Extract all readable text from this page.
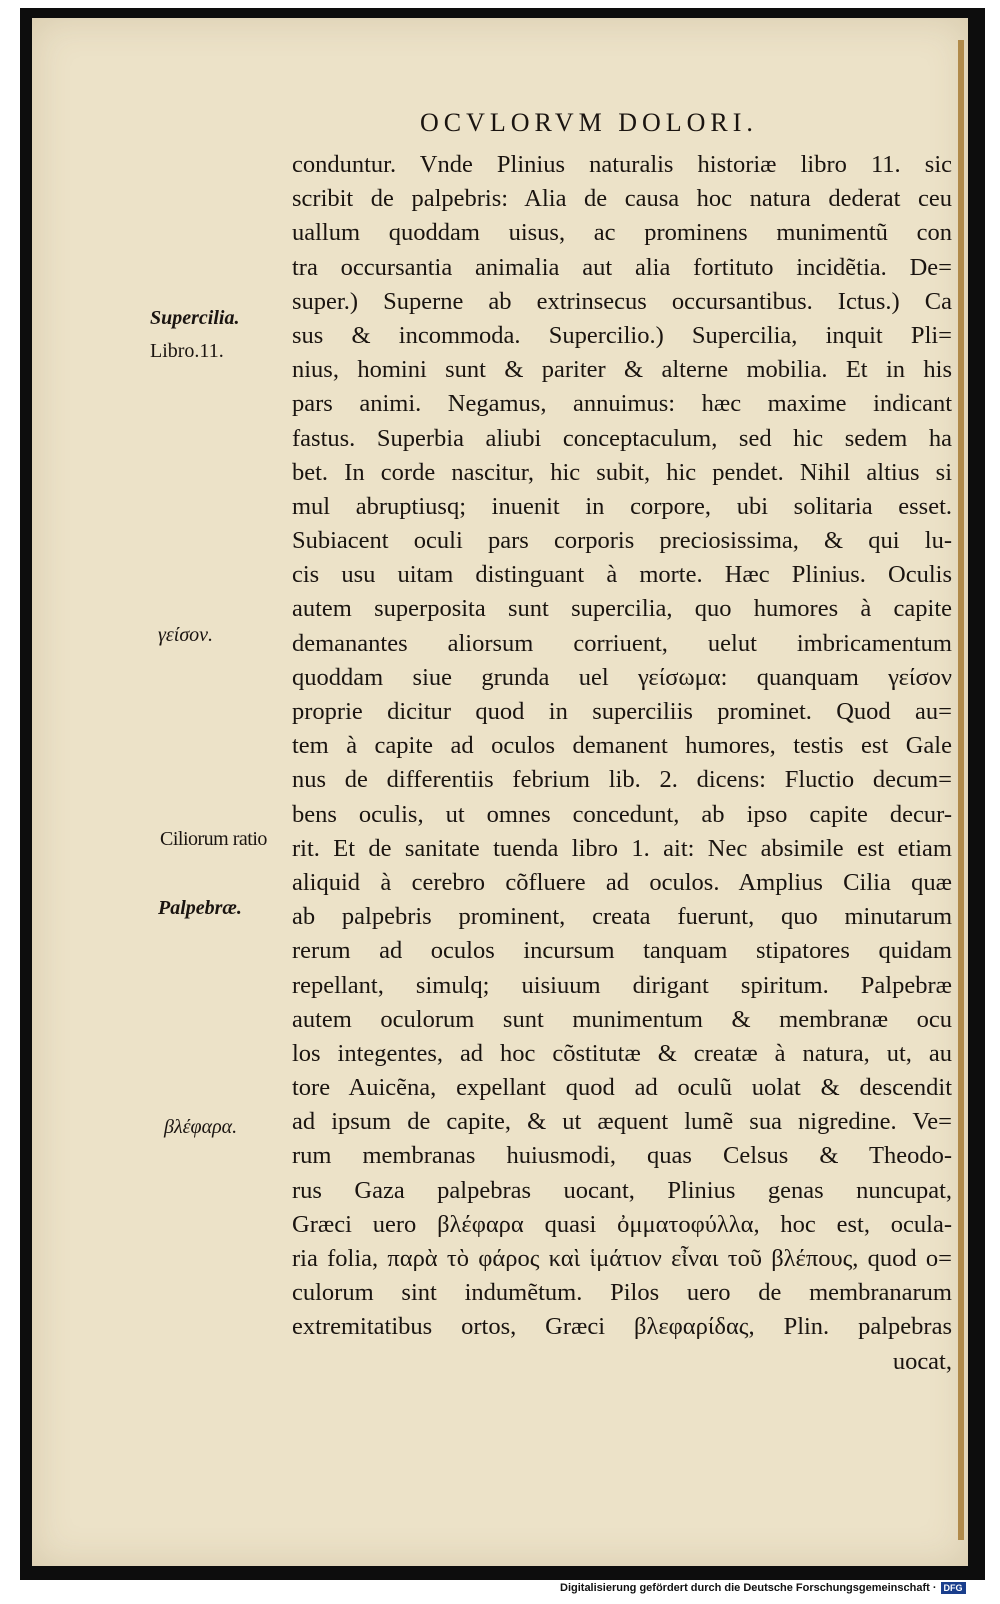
OCVLORVM DOLORI.
conduntur. Vnde Plinius naturalis historiæ libro 11. sic
scribit de palpebris: Alia de causa hoc natura dederat ceu
uallum quoddam uisus, ac prominens munimentũ con
tra occursantia animalia aut alia fortituto incidẽtia. De=
super.) Superne ab extrinsecus occursantibus. Ictus.) Ca
sus & incommoda. Supercilio.) Supercilia, inquit Pli=
nius, homini sunt & pariter & alterne mobilia. Et in his
pars animi. Negamus, annuimus: hæc maxime indicant
fastus. Superbia aliubi conceptaculum, sed hic sedem ha
bet. In corde nascitur, hic subit, hic pendet. Nihil altius si
mul abruptiusq; inuenit in corpore, ubi solitaria esset.
Subiacent oculi pars corporis preciosissima, & qui lu-
cis usu uitam distinguant à morte. Hæc Plinius. Oculis
autem superposita sunt supercilia, quo humores à capite
demanantes aliorsum corriuent, uelut imbricamentum
quoddam siue grunda uel γείσωμα: quanquam γείσον
proprie dicitur quod in superciliis prominet. Quod au=
tem à capite ad oculos demanent humores, testis est Gale
nus de differentiis febrium lib. 2. dicens: Fluctio decum=
bens oculis, ut omnes concedunt, ab ipso capite decur-
rit. Et de sanitate tuenda libro 1. ait: Nec absimile est etiam
aliquid à cerebro cõfluere ad oculos. Amplius Cilia quæ
ab palpebris prominent, creata fuerunt, quo minutarum
rerum ad oculos incursum tanquam stipatores quidam
repellant, simulq; uisiuum dirigant spiritum. Palpebræ
autem oculorum sunt munimentum & membranæ ocu
los integentes, ad hoc cõstitutæ & creatæ à natura, ut, au
tore Auicẽna, expellant quod ad oculũ uolat & descendit
ad ipsum de capite, & ut æquent lumẽ sua nigredine. Ve=
rum membranas huiusmodi, quas Celsus & Theodo-
rus Gaza palpebras uocant, Plinius genas nuncupat,
Græci uero βλέφαρα quasi ὀμματοφύλλα, hoc est, ocula-
ria folia, παρὰ τὸ φάρος καὶ ἱμάτιον εἶναι τοῦ βλέπους, quod o=
culorum sint indumẽtum. Pilos uero de membranarum
extremitatibus ortos, Græci βλεφαρίδας, Plin. palpebras
uocat,
Supercilia.
Libro.11.
γείσον.
Ciliorum ratio
Palpebræ.
βλέφαρα.
Digitalisierung gefördert durch die Deutsche Forschungsgemeinschaft · DFG
